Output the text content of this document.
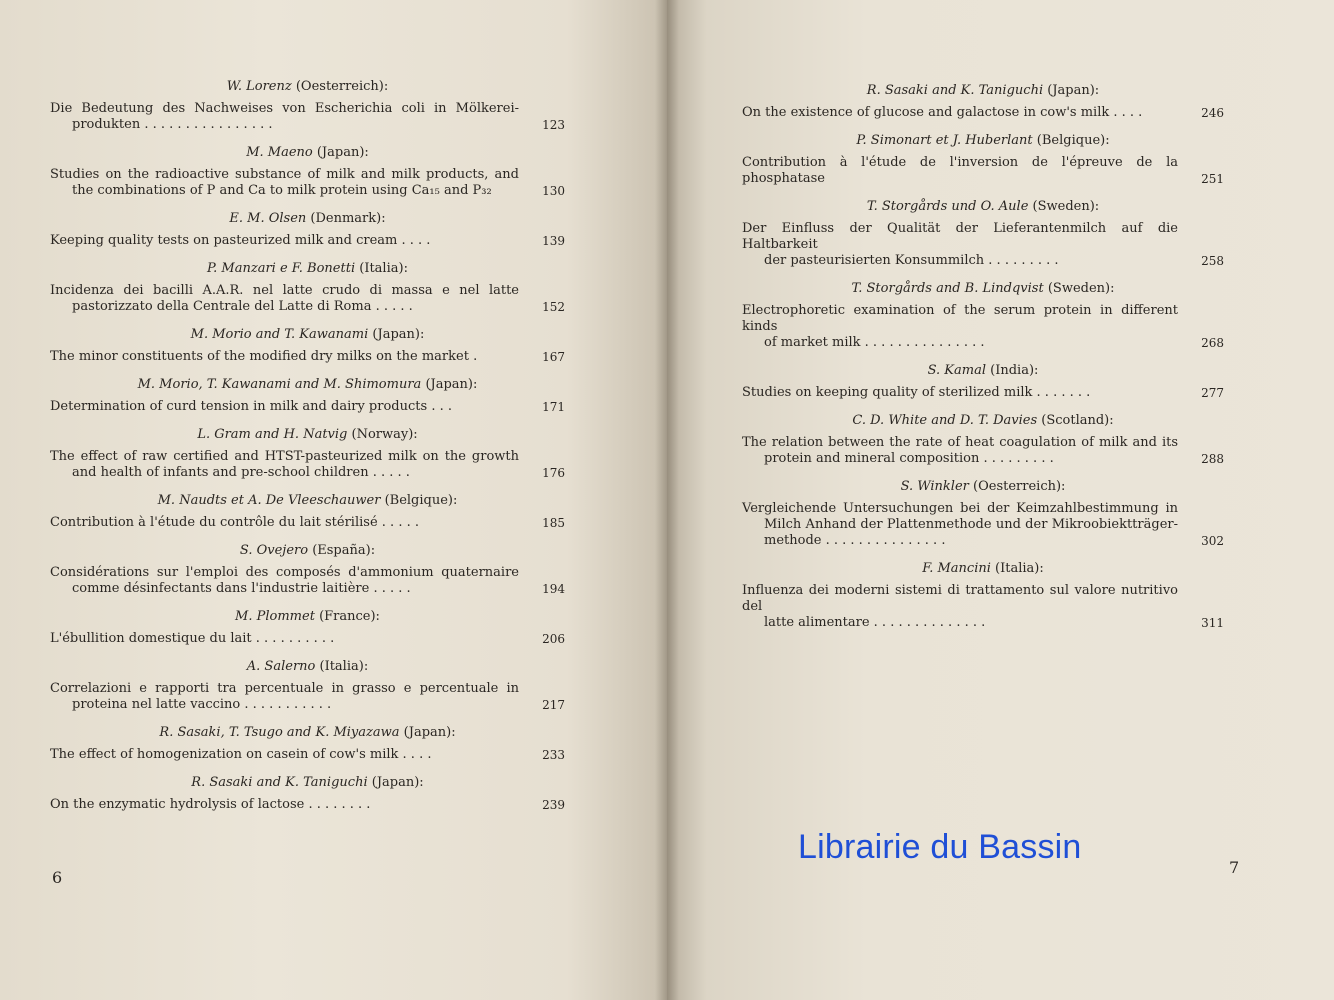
W. Lorenz (Oesterreich):
Die Bedeutung des Nachweises von Escherichia coli in Mölkerei-
produkten . . . . . . . . . . . . . . . .	123
M. Maeno (Japan):
Studies on the radioactive substance of milk and milk products, and
the combinations of P and Ca to milk protein using Ca₁₅ and P₃₂	130
E. M. Olsen (Denmark):
Keeping quality tests on pasteurized milk and cream . . . .	139
P. Manzari e F. Bonetti (Italia):
Incidenza dei bacilli A.A.R. nel latte crudo di massa e nel latte
pastorizzato della Centrale del Latte di Roma . . . . .	152
M. Morio and T. Kawanami (Japan):
The minor constituents of the modified dry milks on the market .	167
M. Morio, T. Kawanami and M. Shimomura (Japan):
Determination of curd tension in milk and dairy products . . .	171
L. Gram and H. Natvig (Norway):
The effect of raw certified and HTST-pasteurized milk on the growth
and health of infants and pre-school children . . . . .	176
M. Naudts et A. De Vleeschauwer (Belgique):
Contribution à l'étude du contrôle du lait stérilisé . . . . .	185
S. Ovejero (España):
Considérations sur l'emploi des composés d'ammonium quaternaire
comme désinfectants dans l'industrie laitière . . . . .	194
M. Plommet (France):
L'ébullition domestique du lait . . . . . . . . . .	206
A. Salerno (Italia):
Correlazioni e rapporti tra percentuale in grasso e percentuale in
proteina nel latte vaccino . . . . . . . . . . .	217
R. Sasaki, T. Tsugo and K. Miyazawa (Japan):
The effect of homogenization on casein of cow's milk . . . .	233
R. Sasaki and K. Taniguchi (Japan):
On the enzymatic hydrolysis of lactose . . . . . . . .	239
6
R. Sasaki and K. Taniguchi (Japan):
On the existence of glucose and galactose in cow's milk . . . .	246
P. Simonart et J. Huberlant (Belgique):
Contribution à l'étude de l'inversion de l'épreuve de la phosphatase	251
T. Storgårds und O. Aule (Sweden):
Der Einfluss der Qualität der Lieferantenmilch auf die Haltbarkeit
der pasteurisierten Konsummilch . . . . . . . . .	258
T. Storgårds and B. Lindqvist (Sweden):
Electrophoretic examination of the serum protein in different kinds
of market milk . . . . . . . . . . . . . . .	268
S. Kamal (India):
Studies on keeping quality of sterilized milk . . . . . . .	277
C. D. White and D. T. Davies (Scotland):
The relation between the rate of heat coagulation of milk and its
protein and mineral composition . . . . . . . . .	288
S. Winkler (Oesterreich):
Vergleichende Untersuchungen bei der Keimzahlbestimmung in
Milch Anhand der Plattenmethode und der Mikroobiektträger-
methode . . . . . . . . . . . . . . .	302
F. Mancini (Italia):
Influenza dei moderni sistemi di trattamento sul valore nutritivo del
latte alimentare . . . . . . . . . . . . . .	311
7
Librairie du Bassin
